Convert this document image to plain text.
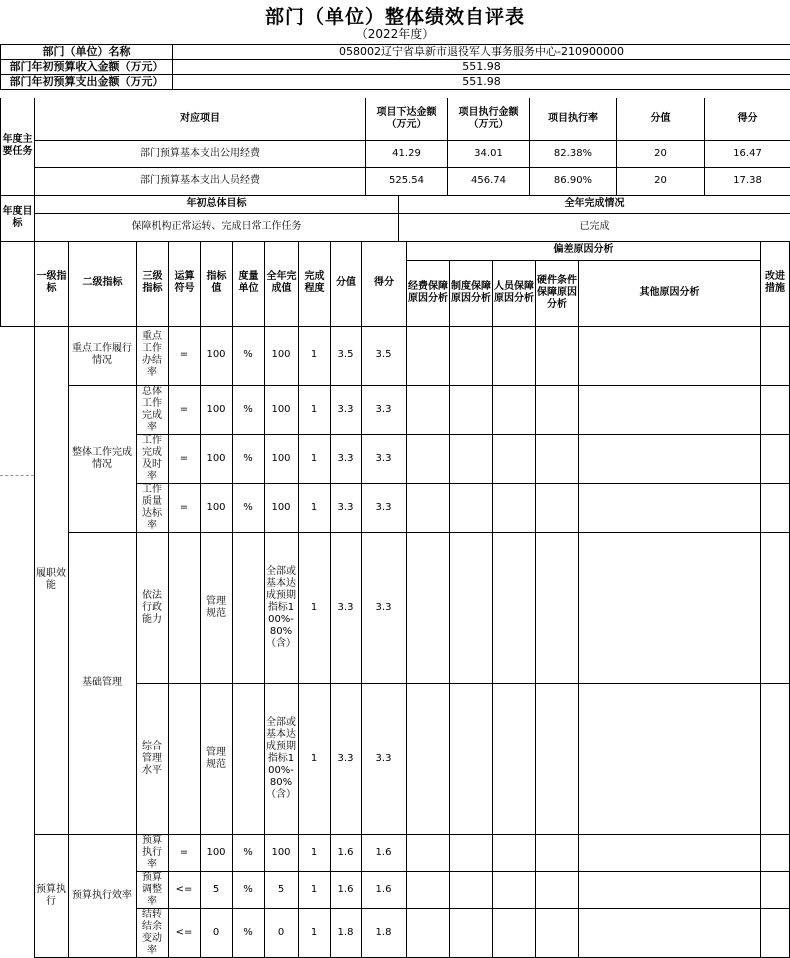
部门（单位）整体绩效自评表
（2022年度）
部门（单位）名称	058002辽宁省阜新市退役军人事务服务中心-210900000
部门年初预算收入金额（万元）	551.98
部门年初预算支出金额（万元）	551.98
年度主要任务	对应项目	项目下达金额（万元）	项目执行金额（万元）	项目执行率	分值	得分
	部门预算基本支出公用经费	41.29	34.01	82.38%	20	16.47
	部门预算基本支出人员经费	525.54	456.74	86.90%	20	17.38
年度目标	年初总体目标	全年完成情况
	保障机构正常运转、完成日常工作任务	已完成
	一级指标	二级指标	三级指标	运算符号	指标值	度量单位	全年完成值	完成程度	分值	得分	偏差原因分析					改进措施
											经费保障原因分析	制度保障原因分析	人员保障原因分析	硬件条件保障原因分析	其他原因分析	
	履职效能	重点工作履行情况	重点工作办结率	=	100	%	100	1	3.5	3.5						
		整体工作完成情况	总体工作完成率	=	100	%	100	1	3.3	3.3						
			工作完成及时率	=	100	%	100	1	3.3	3.3						
			工作质量达标率	=	100	%	100	1	3.3	3.3						
		基础管理	依法行政能力		管理规范		全部或基本达成预期指标100%-80%（含）	1	3.3	3.3						
			综合管理水平		管理规范		全部或基本达成预期指标100%-80%（含）	1	3.3	3.3						
	预算执行	预算执行效率	预算执行率	=	100	%	100	1	1.6	1.6						
			预算调整率	<=	5	%	5	1	1.6	1.6						
			结转结余变动率	<=	0	%	0	1	1.8	1.8						
